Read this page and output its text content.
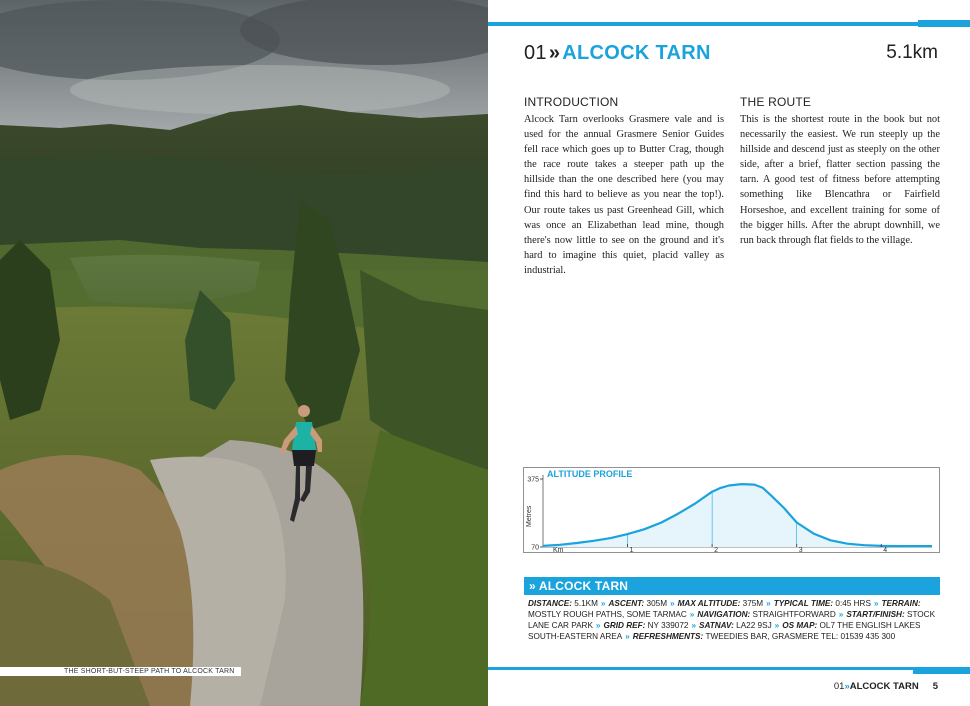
THE SHORT-BUT-STEEP PATH TO ALCOCK TARN
01 » ALCOCK TARN	5.1km
INTRODUCTION

Alcock Tarn overlooks Grasmere vale and is used for the annual Grasmere Senior Guides fell race which goes up to Butter Crag, though the race route takes a steeper path up the hillside than the one described here (you may find this hard to believe as you near the top!). Our route takes us past Greenhead Gill, which was once an Elizabethan lead mine, though there's now little to see on the ground and it's hard to imagine this quiet, placid valley as industrial.

THE ROUTE

This is the shortest route in the book but not necessarily the easiest. We run steeply up the hillside and descend just as steeply on the other side, after a brief, flatter section passing the tarn. A good test of fitness before attempting something like Blencathra or Fairfield Horseshoe, and excellent training for some of the bigger hills. After the abrupt downhill, we run back through flat fields to the village.

1	2	3	4
70
375
Km
Metres
ALTITUDE PROFILE
» ALCOCK TARN
DISTANCE: 5.1KM » ASCENT: 305M » MAX ALTITUDE: 375M » TYPICAL TIME: 0:45 HRS » TERRAIN: MOSTLY ROUGH PATHS, SOME TARMAC » NAVIGATION: STRAIGHTFORWARD » START/FINISH: STOCK LANE CAR PARK » GRID REF: NY 339072 » SATNAV: LA22 9SJ » OS MAP: OL7 THE ENGLISH LAKES SOUTH-EASTERN AREA » REFRESHMENTS: TWEEDIES BAR, GRASMERE TEL: 01539 435 300
01»ALCOCK TARN 5
